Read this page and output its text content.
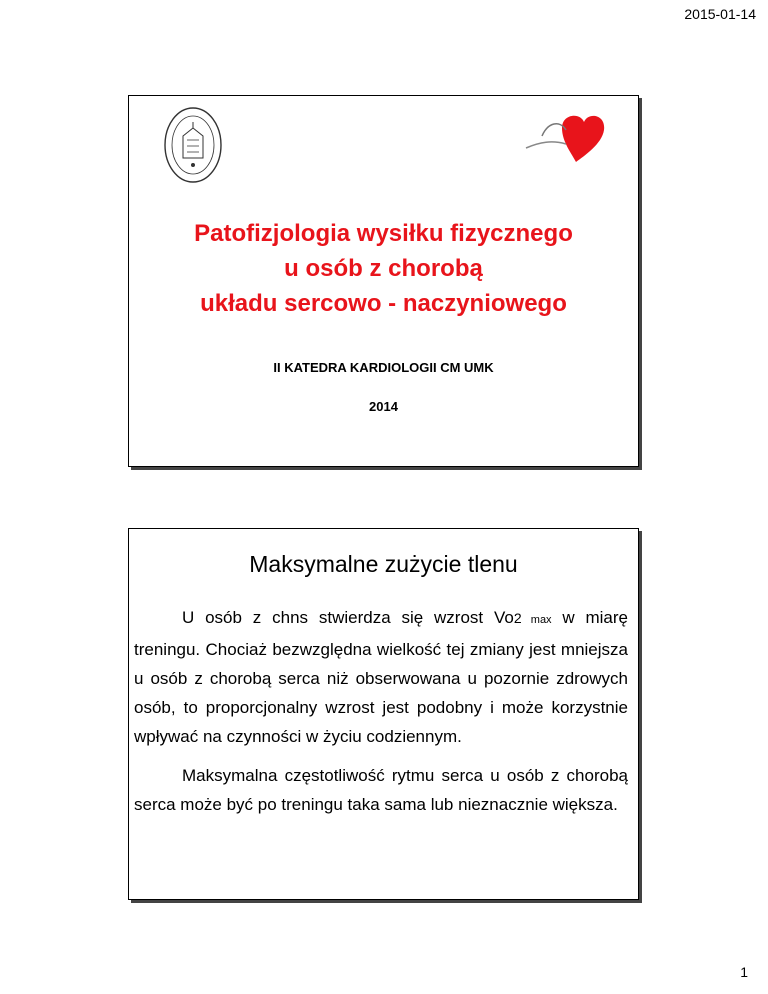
2015-01-14
Patofizjologia wysiłku fizycznego
u osób z chorobą
układu sercowo - naczyniowego
II KATEDRA KARDIOLOGII CM UMK
2014
Maksymalne zużycie tlenu

U osób z chns stwierdza się wzrost Vo2 max w miarę treningu. Chociaż bezwzględna wielkość tej zmiany jest mniejsza u osób z chorobą serca niż obserwowana u pozornie zdrowych osób, to proporcjonalny wzrost jest podobny i może korzystnie wpływać na czynności w życiu codziennym.

Maksymalna częstotliwość rytmu serca u osób z chorobą serca może być po treningu taka sama lub nieznacznie większa.

1
